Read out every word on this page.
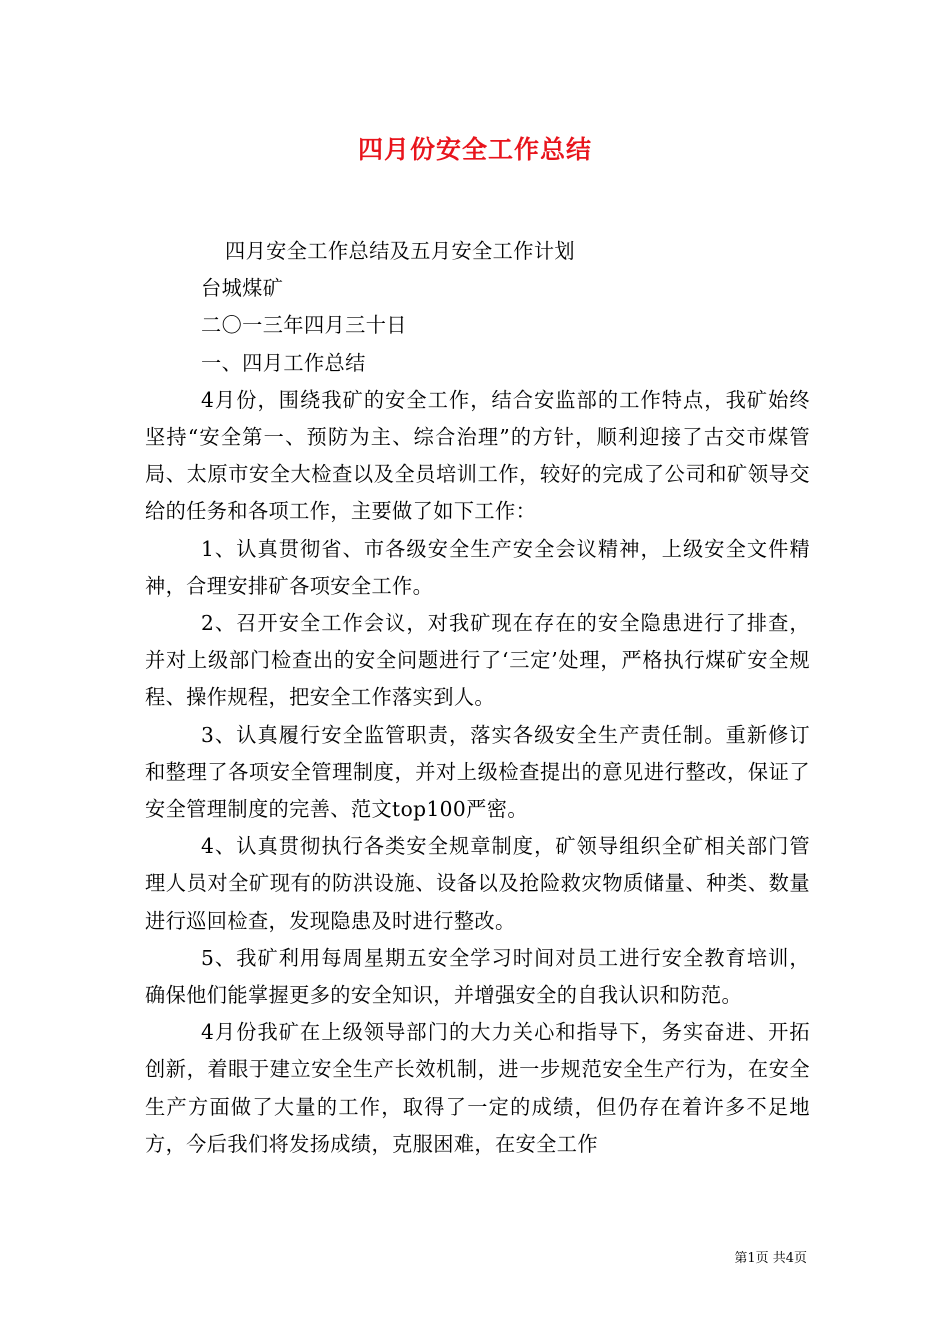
四月份安全工作总结

四月安全工作总结及五月安全工作计划

台城煤矿

二〇一三年四月三十日

一、四月工作总结

4月份，围绕我矿的安全工作，结合安监部的工作特点，我矿始终坚持“安全第一、预防为主、综合治理”的方针，顺利迎接了古交市煤管局、太原市安全大检查以及全员培训工作，较好的完成了公司和矿领导交给的任务和各项工作，主要做了如下工作：

1、认真贯彻省、市各级安全生产安全会议精神，上级安全文件精神，合理安排矿各项安全工作。

2、召开安全工作会议，对我矿现在存在的安全隐患进行了排查，并对上级部门检查出的安全问题进行了‘三定’处理，严格执行煤矿安全规程、操作规程，把安全工作落实到人。

3、认真履行安全监管职责，落实各级安全生产责任制。重新修订和整理了各项安全管理制度，并对上级检查提出的意见进行整改，保证了安全管理制度的完善、范文top100严密。

4、认真贯彻执行各类安全规章制度，矿领导组织全矿相关部门管理人员对全矿现有的防洪设施、设备以及抢险救灾物质储量、种类、数量进行巡回检查，发现隐患及时进行整改。

5、我矿利用每周星期五安全学习时间对员工进行安全教育培训，确保他们能掌握更多的安全知识，并增强安全的自我认识和防范。

4月份我矿在上级领导部门的大力关心和指导下，务实奋进、开拓创新，着眼于建立安全生产长效机制，进一步规范安全生产行为，在安全生产方面做了大量的工作，取得了一定的成绩，但仍存在着许多不足地方，今后我们将发扬成绩，克服困难，在安全工作

第1页 共4页
